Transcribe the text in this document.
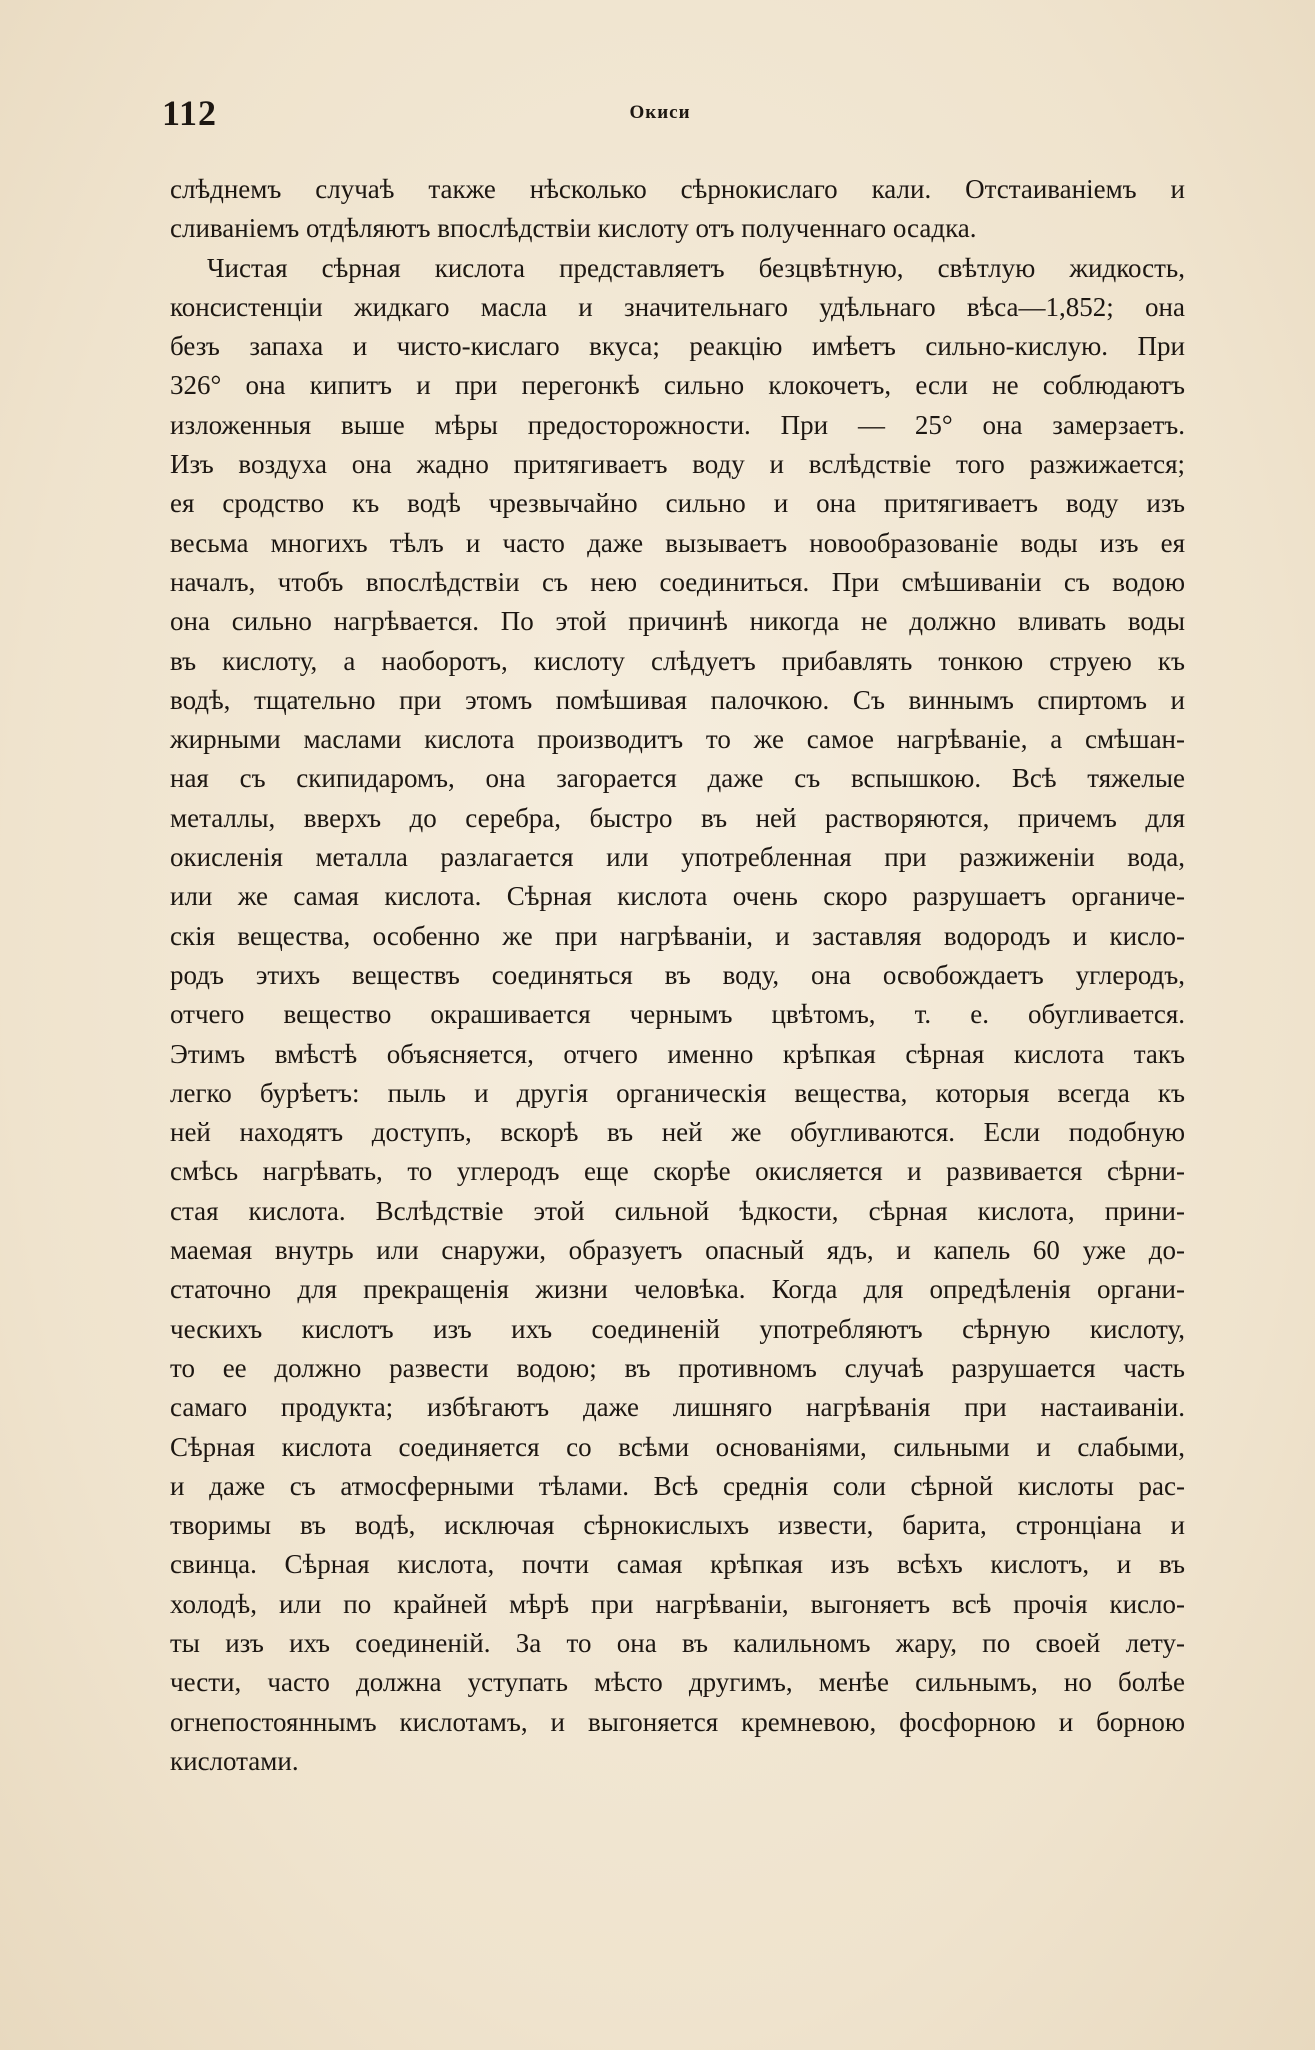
112	Окиси
слѣднемъ случаѣ также нѣсколько сѣрнокислаго кали. Отстаиваніемъ и
сливаніемъ отдѣляютъ впослѣдствіи кислоту отъ полученнаго осадка.
Чистая сѣрная кислота представляетъ безцвѣтную, свѣтлую жидкость,
консистенціи жидкаго масла и значительнаго удѣльнаго вѣса—1,852; она
безъ запаха и чисто-кислаго вкуса; реакцію имѣетъ сильно-кислую. При
326° она кипитъ и при перегонкѣ сильно клокочетъ, если не соблюдаютъ
изложенныя выше мѣры предосторожности. При — 25° она замерзаетъ.
Изъ воздуха она жадно притягиваетъ воду и вслѣдствіе того разжижается;
ея сродство къ водѣ чрезвычайно сильно и она притягиваетъ воду изъ
весьма многихъ тѣлъ и часто даже вызываетъ новообразованіе воды изъ ея
началъ, чтобъ впослѣдствіи съ нею соединиться. При смѣшиваніи съ водою
она сильно нагрѣвается. По этой причинѣ никогда не должно вливать воды
въ кислоту, а наоборотъ, кислоту слѣдуетъ прибавлять тонкою струею къ
водѣ, тщательно при этомъ помѣшивая палочкою. Съ виннымъ спиртомъ и
жирными маслами кислота производитъ то же самое нагрѣваніе, а смѣшан-
ная съ скипидаромъ, она загорается даже съ вспышкою. Всѣ тяжелые
металлы, вверхъ до серебра, быстро въ ней растворяются, причемъ для
окисленія металла разлагается или употребленная при разжиженіи вода,
или же самая кислота. Сѣрная кислота очень скоро разрушаетъ органиче-
скія вещества, особенно же при нагрѣваніи, и заставляя водородъ и кисло-
родъ этихъ веществъ соединяться въ воду, она освобождаетъ углеродъ,
отчего вещество окрашивается чернымъ цвѣтомъ, т. е. обугливается.
Этимъ вмѣстѣ объясняется, отчего именно крѣпкая сѣрная кислота такъ
легко бурѣетъ: пыль и другія органическія вещества, которыя всегда къ
ней находятъ доступъ, вскорѣ въ ней же обугливаются. Если подобную
смѣсь нагрѣвать, то углеродъ еще скорѣе окисляется и развивается сѣрни-
стая кислота. Вслѣдствіе этой сильной ѣдкости, сѣрная кислота, прини-
маемая внутрь или снаружи, образуетъ опасный ядъ, и капель 60 уже до-
статочно для прекращенія жизни человѣка. Когда для опредѣленія органи-
ческихъ кислотъ изъ ихъ соединеній употребляютъ сѣрную кислоту,
то ее должно развести водою; въ противномъ случаѣ разрушается часть
самаго продукта; избѣгаютъ даже лишняго нагрѣванія при настаиваніи.
Сѣрная кислота соединяется со всѣми основаніями, сильными и слабыми,
и даже съ атмосферными тѣлами. Всѣ среднія соли сѣрной кислоты рас-
творимы въ водѣ, исключая сѣрнокислыхъ извести, барита, стронціана и
свинца. Сѣрная кислота, почти самая крѣпкая изъ всѣхъ кислотъ, и въ
холодѣ, или по крайней мѣрѣ при нагрѣваніи, выгоняетъ всѣ прочія кисло-
ты изъ ихъ соединеній. За то она въ калильномъ жару, по своей лету-
чести, часто должна уступать мѣсто другимъ, менѣе сильнымъ, но болѣе
огнепостояннымъ кислотамъ, и выгоняется кремневою, фосфорною и борною
кислотами.
